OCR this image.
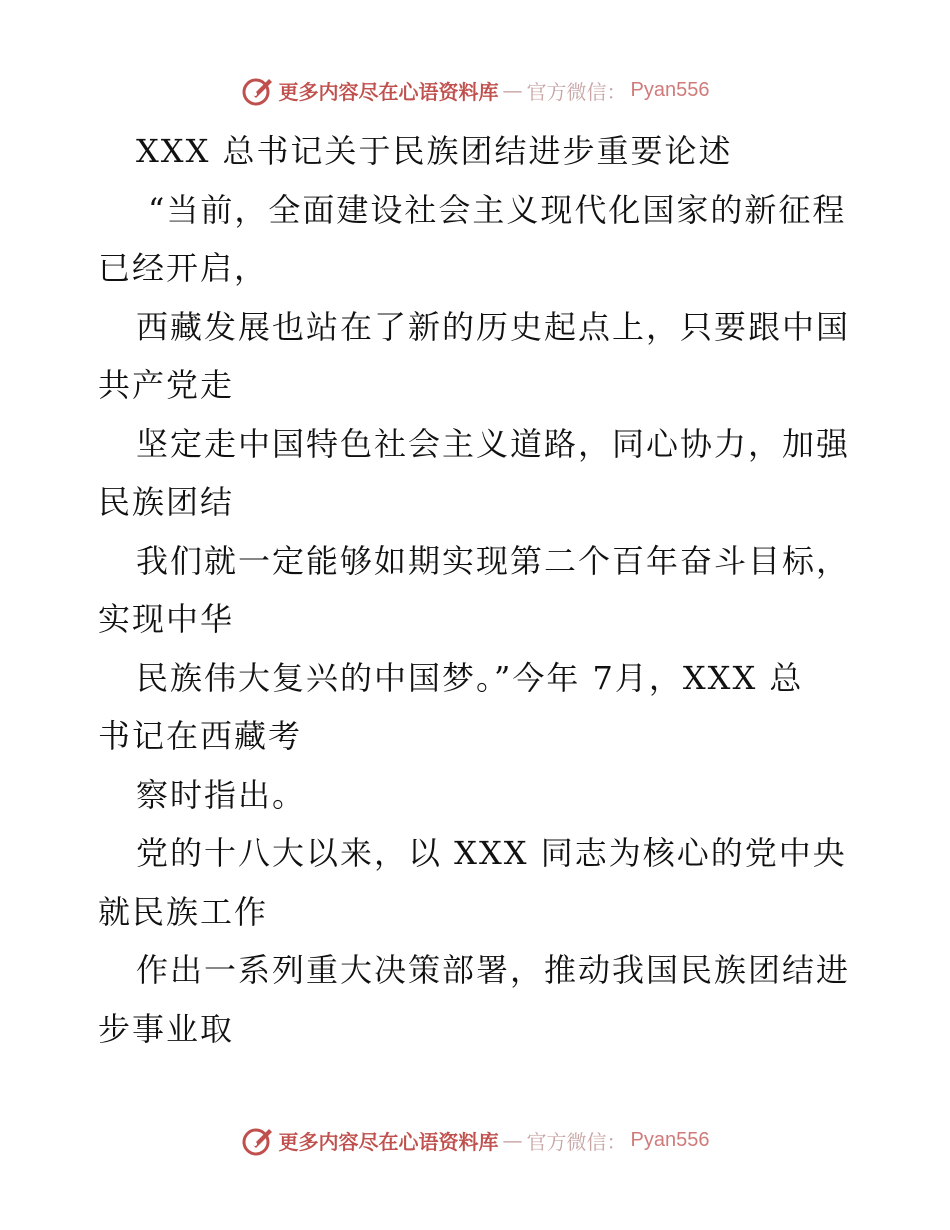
更多内容尽在心语资料库 — 官方微信： Pyan556
XXX 总书记关于民族团结进步重要论述
“当前，全面建设社会主义现代化国家的新征程
已经开启，
西藏发展也站在了新的历史起点上，只要跟中国
共产党走
坚定走中国特色社会主义道路，同心协力，加强
民族团结
我们就一定能够如期实现第二个百年奋斗目标，
实现中华
民族伟大复兴的中国梦。”今年 7月，XXX 总
书记在西藏考
察时指出。
党的十八大以来，以 XXX 同志为核心的党中央
就民族工作
作出一系列重大决策部署，推动我国民族团结进
步事业取
更多内容尽在心语资料库 — 官方微信： Pyan556
